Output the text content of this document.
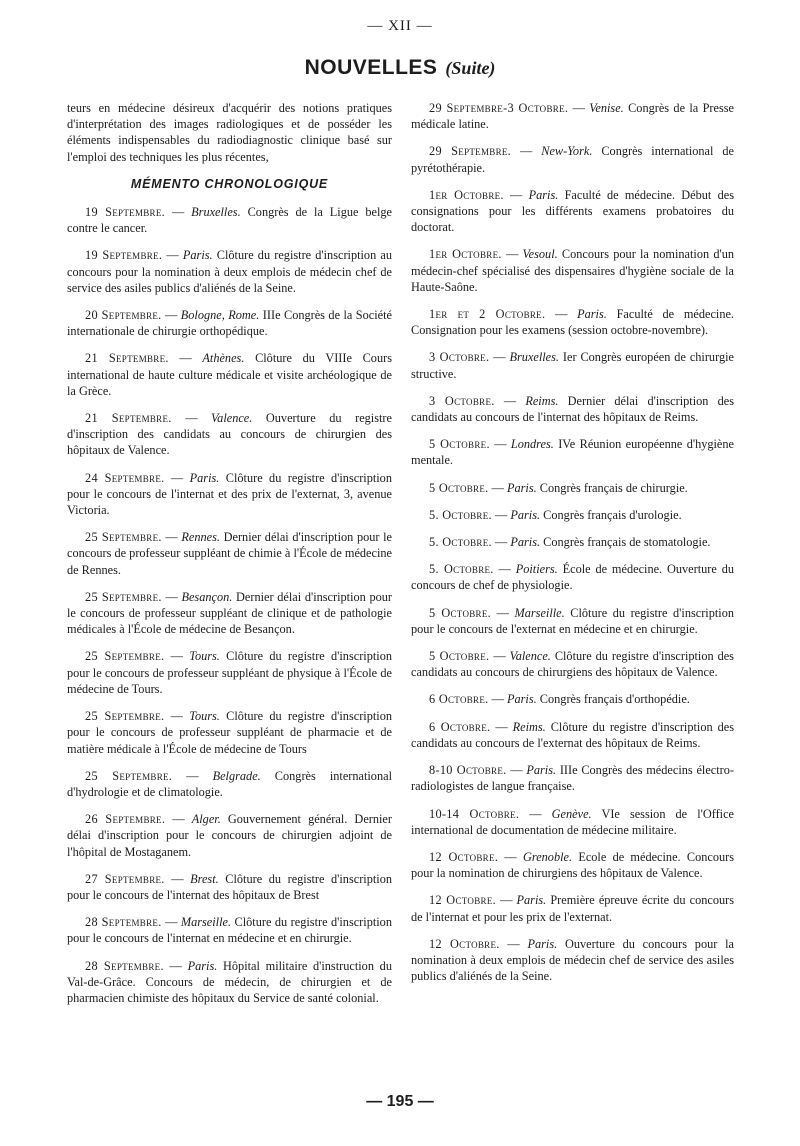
— XII —
NOUVELLES (Suite)

teurs en médecine désireux d'acquérir des notions pratiques d'interprétation des images radiologiques et de posséder les éléments indispensables du radiodiagnostic clinique basé sur l'emploi des techniques les plus récentes,

MÉMENTO CHRONOLOGIQUE

19 Septembre. — Bruxelles. Congrès de la Ligue belge contre le cancer.

19 Septembre. — Paris. Clôture du registre d'inscription au concours pour la nomination à deux emplois de médecin chef de service des asiles publics d'aliénés de la Seine.

20 Septembre. — Bologne, Rome. IIIe Congrès de la Société internationale de chirurgie orthopédique.

21 Septembre. — Athènes. Clôture du VIIIe Cours international de haute culture médicale et visite archéologique de la Grèce.

21 Septembre. — Valence. Ouverture du registre d'inscription des candidats au concours de chirurgien des hôpitaux de Valence.

24 Septembre. — Paris. Clôture du registre d'inscription pour le concours de l'internat et des prix de l'externat, 3, avenue Victoria.

25 Septembre. — Rennes. Dernier délai d'inscription pour le concours de professeur suppléant de chimie à l'École de médecine de Rennes.

25 Septembre. — Besançon. Dernier délai d'inscription pour le concours de professeur suppléant de clinique et de pathologie médicales à l'École de médecine de Besançon.

25 Septembre. — Tours. Clôture du registre d'inscription pour le concours de professeur suppléant de physique à l'École de médecine de Tours.

25 Septembre. — Tours. Clôture du registre d'inscription pour le concours de professeur suppléant de pharmacie et de matière médicale à l'École de médecine de Tours

25 Septembre. — Belgrade. Congrès international d'hydrologie et de climatologie.

26 Septembre. — Alger. Gouvernement général. Dernier délai d'inscription pour le concours de chirurgien adjoint de l'hôpital de Mostaganem.

27 Septembre. — Brest. Clôture du registre d'inscription pour le concours de l'internat des hôpitaux de Brest

28 Septembre. — Marseille. Clôture du registre d'inscription pour le concours de l'internat en médecine et en chirurgie.

28 Septembre. — Paris. Hôpital militaire d'instruction du Val-de-Grâce. Concours de médecin, de chirurgien et de pharmacien chimiste des hôpitaux du Service de santé colonial.

29 Septembre-3 Octobre. — Venise. Congrès de la Presse médicale latine.

29 Septembre. — New-York. Congrès international de pyrétothérapie.

1er Octobre. — Paris. Faculté de médecine. Début des consignations pour les différents examens probatoires du doctorat.

1er Octobre. — Vesoul. Concours pour la nomination d'un médecin-chef spécialisé des dispensaires d'hygiène sociale de la Haute-Saône.

1er et 2 Octobre. — Paris. Faculté de médecine. Consignation pour les examens (session octobre-novembre).

3 Octobre. — Bruxelles. Ier Congrès européen de chirurgie structive.

3 Octobre. — Reims. Dernier délai d'inscription des candidats au concours de l'internat des hôpitaux de Reims.

5 Octobre. — Londres. IVe Réunion européenne d'hygiène mentale.

5 Octobre. — Paris. Congrès français de chirurgie.

5. Octobre. — Paris. Congrès français d'urologie.

5. Octobre. — Paris. Congrès français de stomatologie.

5. Octobre. — Poitiers. École de médecine. Ouverture du concours de chef de physiologie.

5 Octobre. — Marseille. Clôture du registre d'inscription pour le concours de l'externat en médecine et en chirurgie.

5 Octobre. — Valence. Clôture du registre d'inscription des candidats au concours de chirurgiens des hôpitaux de Valence.

6 Octobre. — Paris. Congrès français d'orthopédie.

6 Octobre. — Reims. Clôture du registre d'inscription des candidats au concours de l'externat des hôpitaux de Reims.

8-10 Octobre. — Paris. IIIe Congrès des médecins électro-radiologistes de langue française.

10-14 Octobre. — Genève. VIe session de l'Office international de documentation de médecine militaire.

12 Octobre. — Grenoble. Ecole de médecine. Concours pour la nomination de chirurgiens des hôpitaux de Valence.

12 Octobre. — Paris. Première épreuve écrite du concours de l'internat et pour les prix de l'externat.

12 Octobre. — Paris. Ouverture du concours pour la nomination à deux emplois de médecin chef de service des asiles publics d'aliénés de la Seine.

— 195 —
